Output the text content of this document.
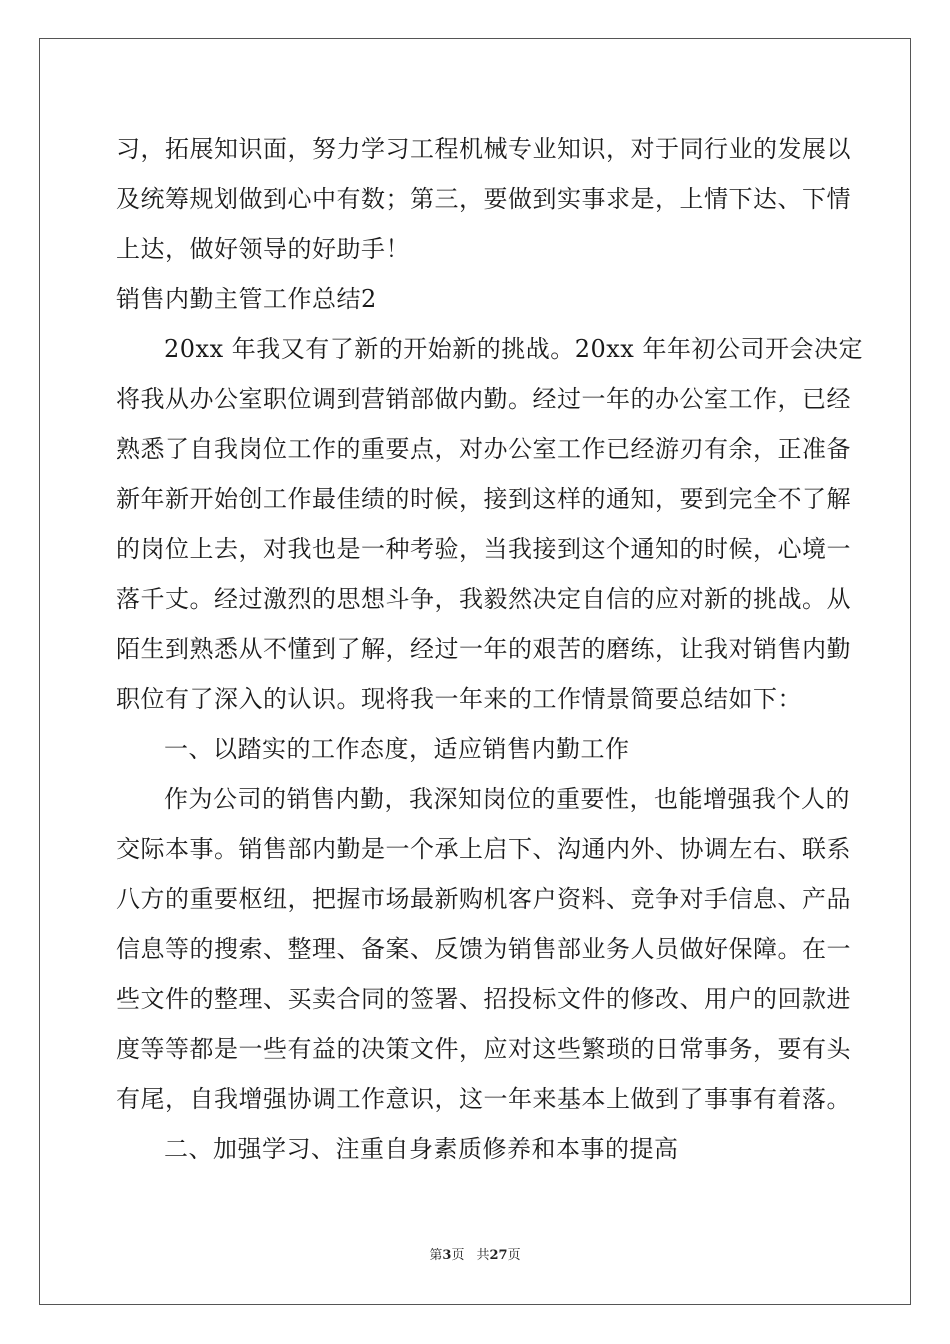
习，拓展知识面，努力学习工程机械专业知识，对于同行业的发展以
及统筹规划做到心中有数；第三，要做到实事求是，上情下达、下情
上达，做好领导的好助手！
销售内勤主管工作总结2
20xx 年我又有了新的开始新的挑战。20xx 年年初公司开会决定
将我从办公室职位调到营销部做内勤。经过一年的办公室工作，已经
熟悉了自我岗位工作的重要点，对办公室工作已经游刃有余，正准备
新年新开始创工作最佳绩的时候，接到这样的通知，要到完全不了解
的岗位上去，对我也是一种考验，当我接到这个通知的时候，心境一
落千丈。经过激烈的思想斗争，我毅然决定自信的应对新的挑战。从
陌生到熟悉从不懂到了解，经过一年的艰苦的磨练，让我对销售内勤
职位有了深入的认识。现将我一年来的工作情景简要总结如下：
一、以踏实的工作态度，适应销售内勤工作
作为公司的销售内勤，我深知岗位的重要性，也能增强我个人的
交际本事。销售部内勤是一个承上启下、沟通内外、协调左右、联系
八方的重要枢纽，把握市场最新购机客户资料、竞争对手信息、产品
信息等的搜索、整理、备案、反馈为销售部业务人员做好保障。在一
些文件的整理、买卖合同的签署、招投标文件的修改、用户的回款进
度等等都是一些有益的决策文件，应对这些繁琐的日常事务，要有头
有尾，自我增强协调工作意识，这一年来基本上做到了事事有着落。
二、加强学习、注重自身素质修养和本事的提高
第3页 共27页
